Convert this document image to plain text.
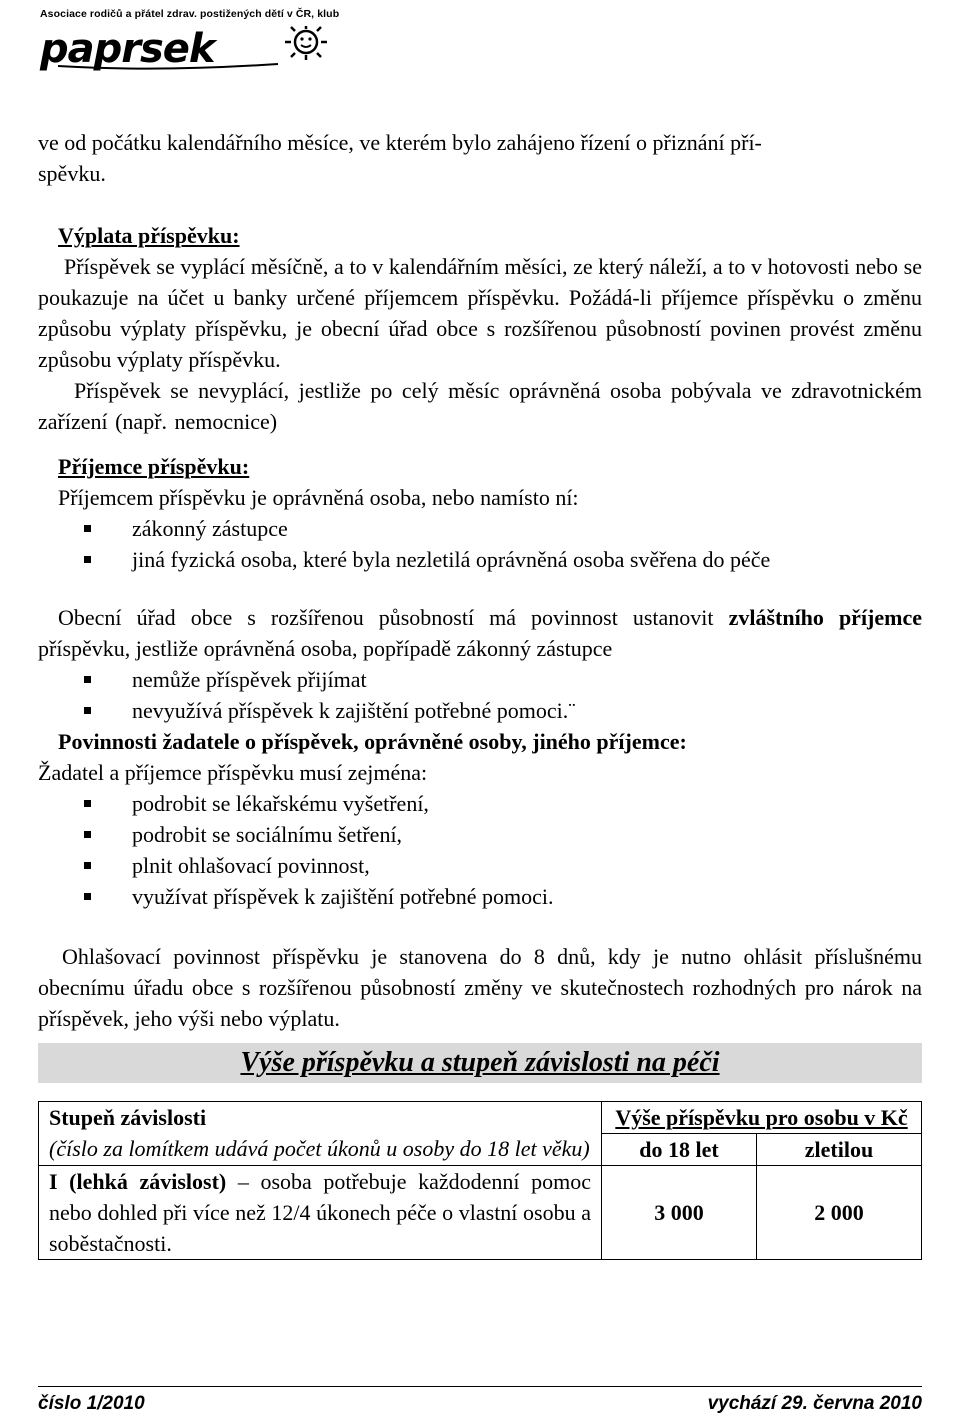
Asociace rodičů a přátel zdrav. postižených dětí v ČR, klub
paprsek

ve od počátku kalendářního měsíce, ve kterém bylo zahájeno řízení o přiznání pří-

spěvku.

Výplata příspěvku:

Příspěvek se vyplácí měsíčně, a to v kalendářním měsíci, ze který náleží, a to v hotovosti nebo se poukazuje na účet u banky určené příjemcem příspěvku. Požádá-li příjemce příspěvku o změnu způsobu výplaty příspěvku, je obecní úřad obce s rozšířenou působností povinen provést změnu způsobu výplaty příspěvku.

Příspěvek se nevyplácí, jestliže po celý měsíc oprávněná osoba pobývala ve zdravotnickém zařízení (např. nemocnice)

Příjemce příspěvku:

Příjemcem příspěvku je oprávněná osoba, nebo namísto ní:

zákonný zástupce
jiná fyzická osoba, které byla nezletilá oprávněná osoba svěřena do péče

Obecní úřad obce s rozšířenou působností má povinnost ustanovit zvláštního příjemce příspěvku, jestliže oprávněná osoba, popřípadě zákonný zástupce

nemůže příspěvek přijímat
nevyužívá příspěvek k zajištění potřebné pomoci.¨

Povinnosti žadatele o příspěvek, oprávněné osoby, jiného příjemce:

Žadatel a příjemce příspěvku musí zejména:

podrobit se lékařskému vyšetření,
podrobit se sociálnímu šetření,
plnit ohlašovací povinnost,
využívat příspěvek k zajištění potřebné pomoci.

Ohlašovací povinnost příspěvku je stanovena do 8 dnů, kdy je nutno ohlásit příslušnému obecnímu úřadu obce s rozšířenou působností změny ve skutečnostech rozhodných pro nárok na příspěvek, jeho výši nebo výplatu.

Výše příspěvku a stupeň závislosti na péči
Stupeň závislosti
(číslo za lomítkem udává počet úkonů u osoby do 18 let věku)	Výše příspěvku pro osobu v Kč	
	do 18 let	zletilou
I (lehká závislost) – osoba potřebuje každodenní pomoc nebo dohled při více než 12/4 úkonech péče o vlastní osobu a soběstačnosti.	3 000	2 000
číslo 1/2010	vychází 29. června 2010
